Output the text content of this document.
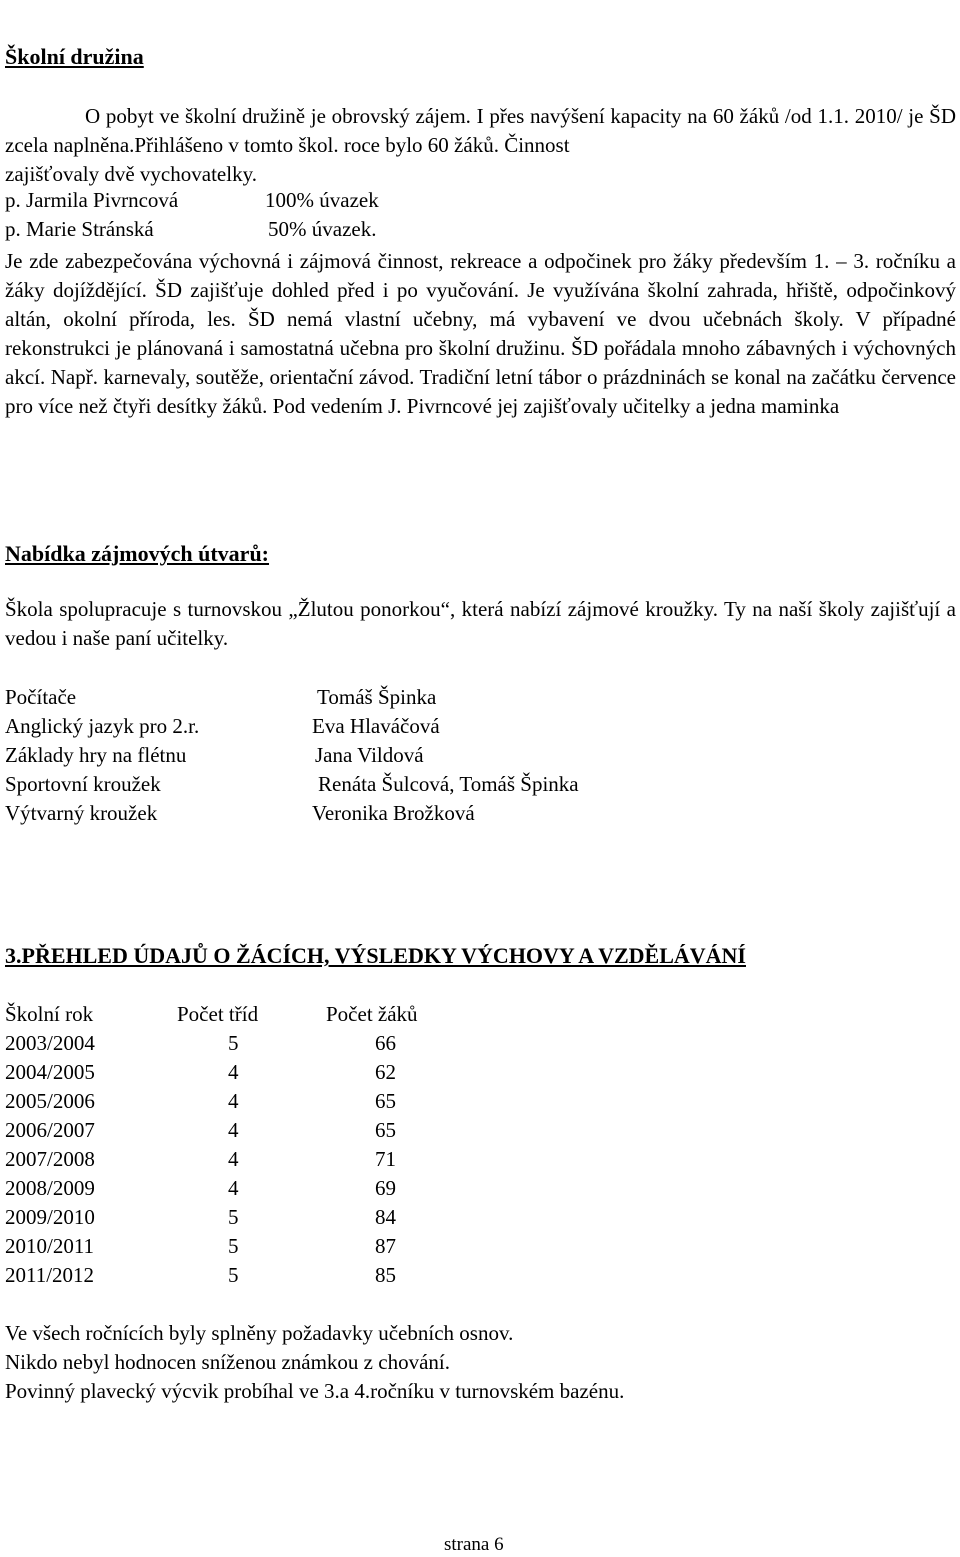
Školní družina

O pobyt ve školní družině je obrovský zájem. I přes navýšení kapacity na 60 žáků /od 1.1. 2010/ je ŠD zcela naplněna.Přihlášeno v tomto škol. roce bylo 60 žáků. Činnost

zajišťovaly dvě vychovatelky.

p. Jarmila Pivrncová	100% úvazek
p. Marie Stránská	50% úvazek.

Je zde zabezpečována výchovná i zájmová činnost, rekreace a odpočinek pro žáky především 1. – 3. ročníku a žáky dojíždějící. ŠD zajišťuje dohled před i po vyučování. Je využívána školní zahrada, hřiště, odpočinkový altán, okolní příroda, les. ŠD nemá vlastní učebny, má vybavení ve dvou učebnách školy. V případné rekonstrukci je plánovaná i samostatná učebna pro školní družinu. ŠD pořádala mnoho zábavných i výchovných akcí. Např. karnevaly, soutěže, orientační závod. Tradiční letní tábor o prázdninách se konal na začátku července pro více než čtyři desítky žáků. Pod vedením J. Pivrncové jej zajišťovaly učitelky a jedna maminka

Nabídka zájmových útvarů:

Škola spolupracuje s turnovskou „Žlutou ponorkou“, která nabízí zájmové kroužky. Ty na naší školy zajišťují a vedou i naše paní učitelky.

Počítače	Tomáš Špinka
Anglický jazyk pro 2.r.	Eva Hlaváčová
Základy hry na flétnu	Jana Vildová
Sportovní kroužek	Renáta Šulcová, Tomáš Špinka
Výtvarný kroužek	Veronika Brožková
3.PŘEHLED ÚDAJŮ O ŽÁCÍCH, VÝSLEDKY VÝCHOVY A VZDĚLÁVÁNÍ
Školní rok	Počet tříd	Počet žáků
2003/2004	5	66
2004/2005	4	62
2005/2006	4	65
2006/2007	4	65
2007/2008	4	71
2008/2009	4	69
2009/2010	5	84
2010/2011	5	87
2011/2012	5	85

Ve všech ročnících byly splněny požadavky učebních osnov.

Nikdo nebyl hodnocen sníženou známkou z chování.

Povinný plavecký výcvik probíhal ve 3.a 4.ročníku v turnovském bazénu.

strana 6
